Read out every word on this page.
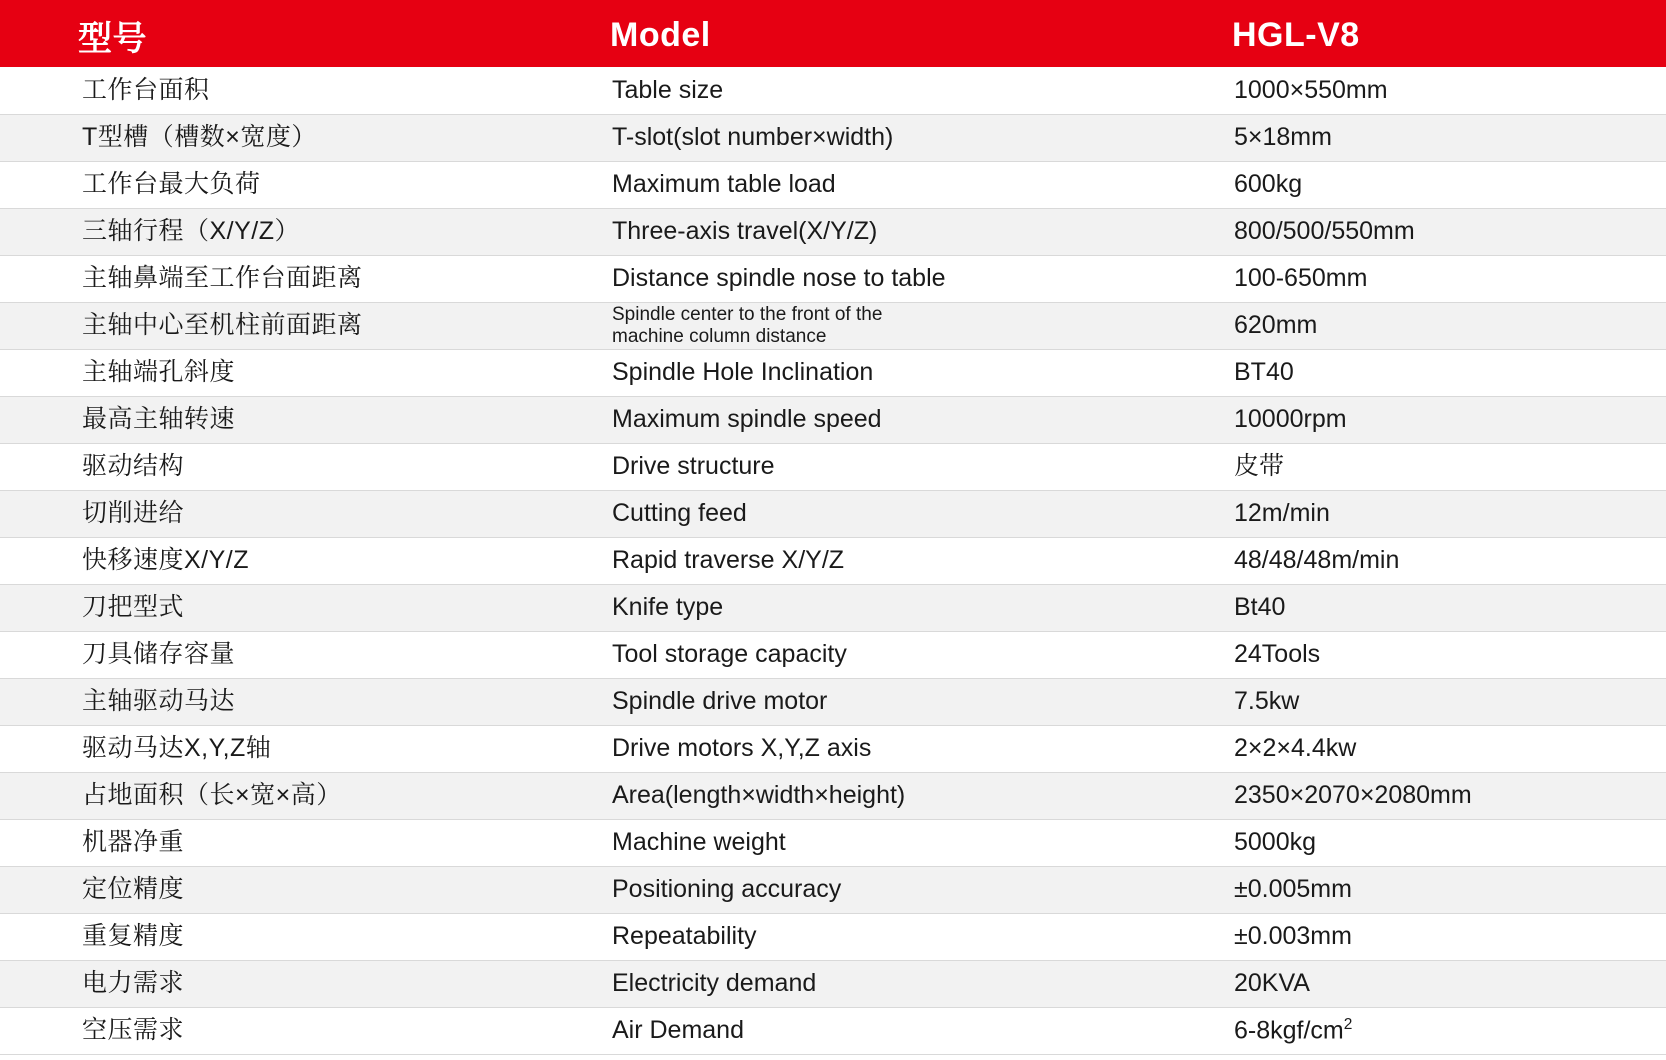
型号	Model	HGL-V8
工作台面积	Table size	1000×550mm
T型槽（槽数×宽度）	T-slot(slot number×width)	5×18mm
工作台最大负荷	Maximum table load	600kg
三轴行程（X/Y/Z）	Three-axis travel(X/Y/Z)	800/500/550mm
主轴鼻端至工作台面距离	Distance spindle nose to table	100-650mm
主轴中心至机柱前面距离	Spindle center to the front of the
machine column distance	620mm
主轴端孔斜度	Spindle Hole Inclination	BT40
最高主轴转速	Maximum spindle speed	10000rpm
驱动结构	Drive structure	皮带
切削进给	Cutting feed	12m/min
快移速度X/Y/Z	Rapid traverse X/Y/Z	48/48/48m/min
刀把型式	Knife type	Bt40
刀具储存容量	Tool storage capacity	24Tools
主轴驱动马达	Spindle drive motor	7.5kw
驱动马达X,Y,Z轴	Drive motors X,Y,Z axis	2×2×4.4kw
占地面积（长×宽×高）	Area(length×width×height)	2350×2070×2080mm
机器净重	Machine weight	5000kg
定位精度	Positioning accuracy	±0.005mm
重复精度	Repeatability	±0.003mm
电力需求	Electricity demand	20KVA
空压需求	Air Demand	$6-8kgf/cm^2$
